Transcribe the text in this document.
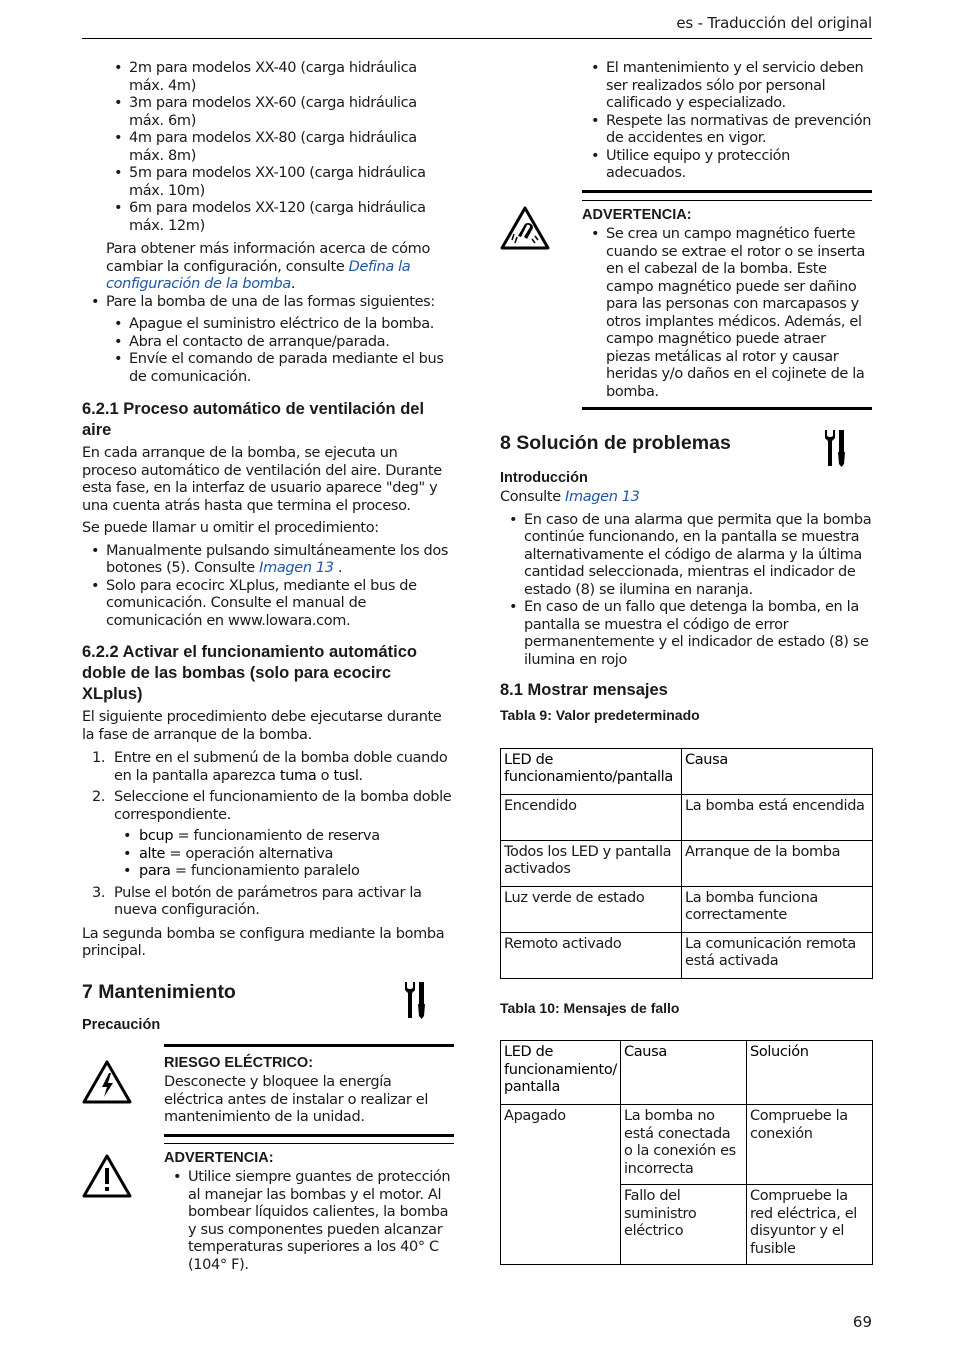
es - Traducción del original
• 2m para modelos XX-40 (carga hidráulica máx. 4m)
• 3m para modelos XX-60 (carga hidráulica máx. 6m)
• 4m para modelos XX-80 (carga hidráulica máx. 8m)
• 5m para modelos XX-100 (carga hidráulica máx. 10m)
• 6m para modelos XX-120 (carga hidráulica máx. 12m)

Para obtener más información acerca de cómo cambiar la configuración, consulte Defina la configuración de la bomba.

• Pare la bomba de una de las formas siguientes:
• Apague el suministro eléctrico de la bomba.
• Abra el contacto de arranque/parada.
• Envíe el comando de parada mediante el bus de comunicación.
6.2.1 Proceso automático de ventilación del aire

En cada arranque de la bomba, se ejecuta un proceso automático de ventilación del aire. Durante esta fase, en la interfaz de usuario aparece "deg" y una cuenta atrás hasta que termina el proceso.

Se puede llamar u omitir el procedimiento:

• Manualmente pulsando simultáneamente los dos botones (5). Consulte Imagen 13 .
• Solo para ecocirc XLplus, mediante el bus de comunicación. Consulte el manual de comunicación en www.lowara.com.
6.2.2 Activar el funcionamiento automático doble de las bombas (solo para ecocirc XLplus)

El siguiente procedimiento debe ejecutarse durante la fase de arranque de la bomba.

1. Entre en el submenú de la bomba doble cuando en la pantalla aparezca tuma o tusl.
2. Seleccione el funcionamiento de la bomba doble correspondiente.
• bcup = funcionamiento de reserva
• alte = operación alternativa
• para = funcionamiento paralelo
3. Pulse el botón de parámetros para activar la nueva configuración.

La segunda bomba se configura mediante la bomba principal.

7 Mantenimiento
Precaución
RIESGO ELÉCTRICO:

Desconecte y bloquee la energía eléctrica antes de instalar o realizar el mantenimiento de la unidad.

ADVERTENCIA:
• Utilice siempre guantes de protección al manejar las bombas y el motor. Al bombear líquidos calientes, la bomba y sus componentes pueden alcanzar temperaturas superiores a los 40° C (104° F).
• El mantenimiento y el servicio deben ser realizados sólo por personal calificado y especializado.
• Respete las normativas de prevención de accidentes en vigor.
• Utilice equipo y protección adecuados.
ADVERTENCIA:
• Se crea un campo magnético fuerte cuando se extrae el rotor o se inserta en el cabezal de la bomba. Este campo magnético puede ser dañino para las personas con marcapasos y otros implantes médicos. Además, el campo magnético puede atraer piezas metálicas al rotor y causar heridas y/o daños en el cojinete de la bomba.
8 Solución de problemas
Introducción

Consulte Imagen 13

• En caso de una alarma que permita que la bomba continúe funcionando, en la pantalla se muestra alternativamente el código de alarma y la última cantidad seleccionada, mientras el indicador de estado (8) se ilumina en naranja.
• En caso de un fallo que detenga la bomba, en la pantalla se muestra el código de error permanentemente y el indicador de estado (8) se ilumina en rojo
8.1 Mostrar mensajes
Tabla 9: Valor predeterminado
LED de funcionamiento/pantalla	Causa
Encendido	La bomba está encendida
Todos los LED y pantalla activados	Arranque de la bomba
Luz verde de estado	La bomba funciona correctamente
Remoto activado	La comunicación remota está activada
Tabla 10: Mensajes de fallo
LED de funcionamiento/ pantalla	Causa	Solución
Apagado	La bomba no está conectada o la conexión es incorrecta	Compruebe la conexión
	Fallo del suministro eléctrico	Compruebe la red eléctrica, el disyuntor y el fusible
69
